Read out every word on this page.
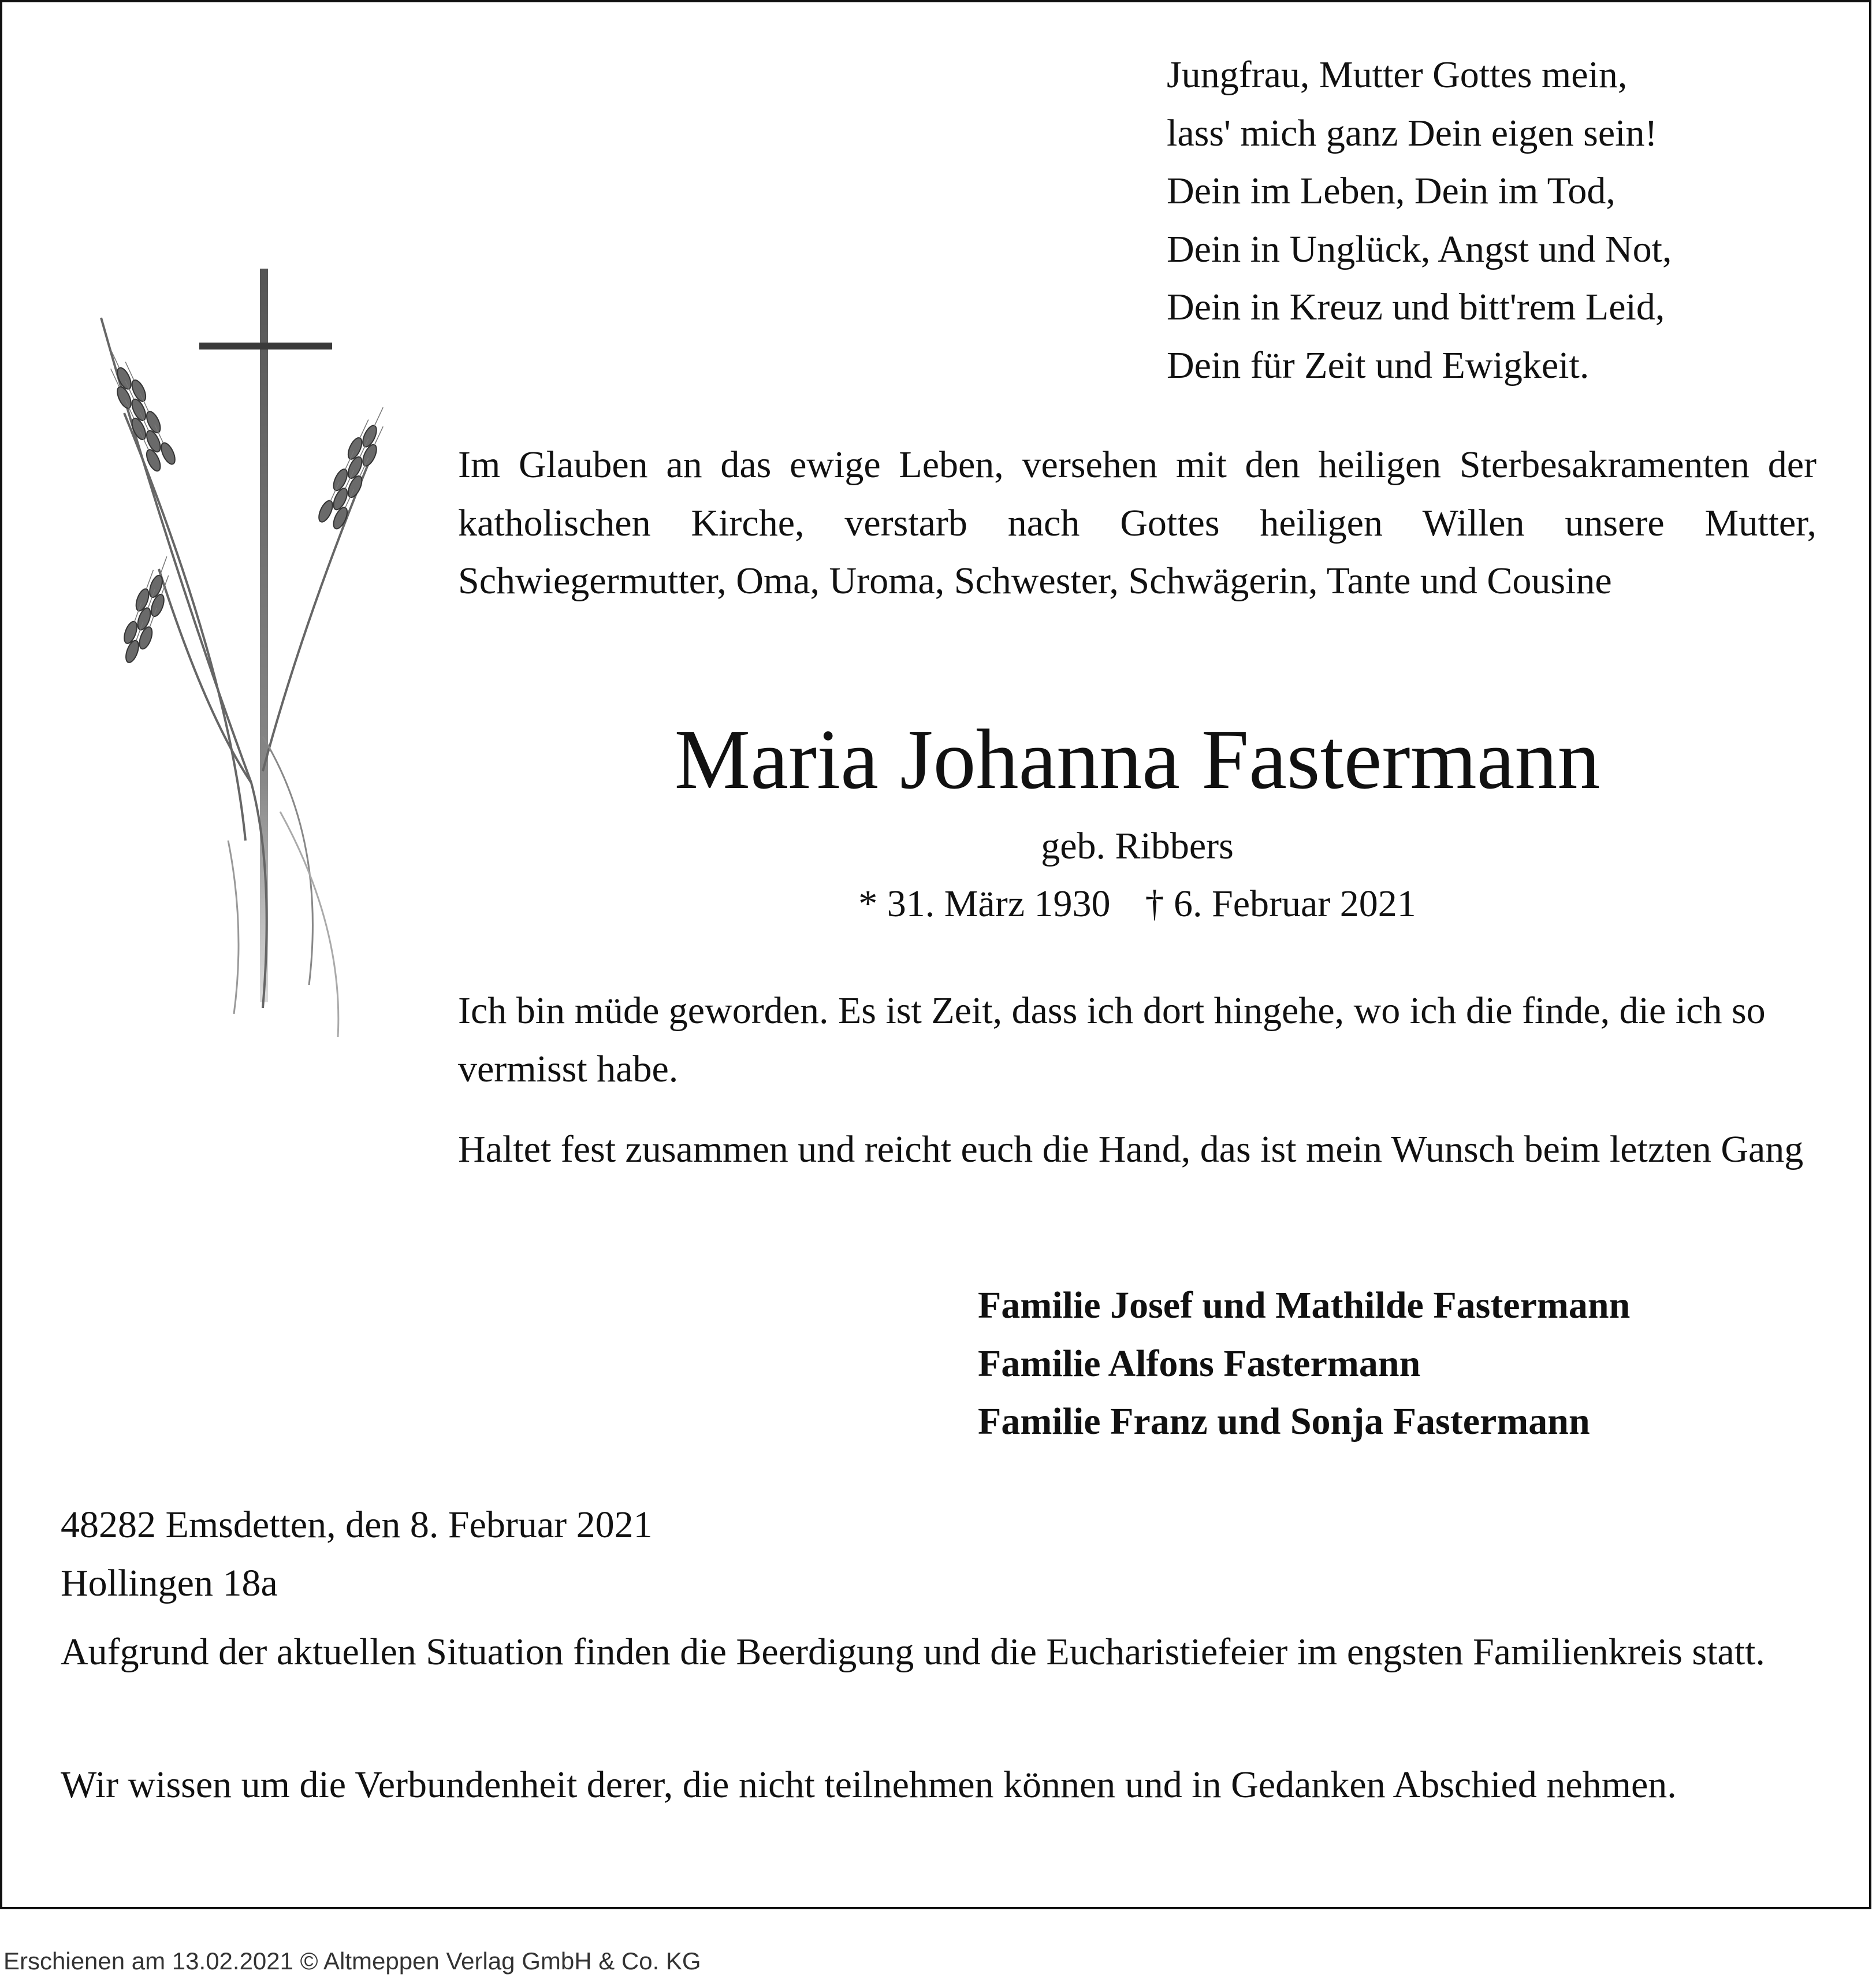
Jungfrau, Mutter Gottes mein,
lass' mich ganz Dein eigen sein!
Dein im Leben, Dein im Tod,
Dein in Unglück, Angst und Not,
Dein in Kreuz und bitt'rem Leid,
Dein für Zeit und Ewigkeit.
Im Glauben an das ewige Leben, versehen mit den heiligen Sterbesakramenten der katholischen Kirche, verstarb nach Gottes heiligen Willen unsere Mutter, Schwiegermutter, Oma, Uroma, Schwester, Schwägerin, Tante und Cousine
Maria Johanna Fastermann
geb. Ribbers
* 31. März 1930 † 6. Februar 2021
Ich bin müde geworden. Es ist Zeit, dass ich dort hingehe, wo ich die finde, die ich so vermisst habe.
Haltet fest zusammen und reicht euch die Hand, das ist mein Wunsch beim letzten Gang
Familie Josef und Mathilde Fastermann
Familie Alfons Fastermann
Familie Franz und Sonja Fastermann
48282 Emsdetten, den 8. Februar 2021
Hollingen 18a
Aufgrund der aktuellen Situation finden die Beerdigung und die Eucharistiefeier im engsten Familienkreis statt.
Wir wissen um die Verbundenheit derer, die nicht teilnehmen können und in Gedanken Abschied nehmen.
Erschienen am 13.02.2021 © Altmeppen Verlag GmbH & Co. KG
